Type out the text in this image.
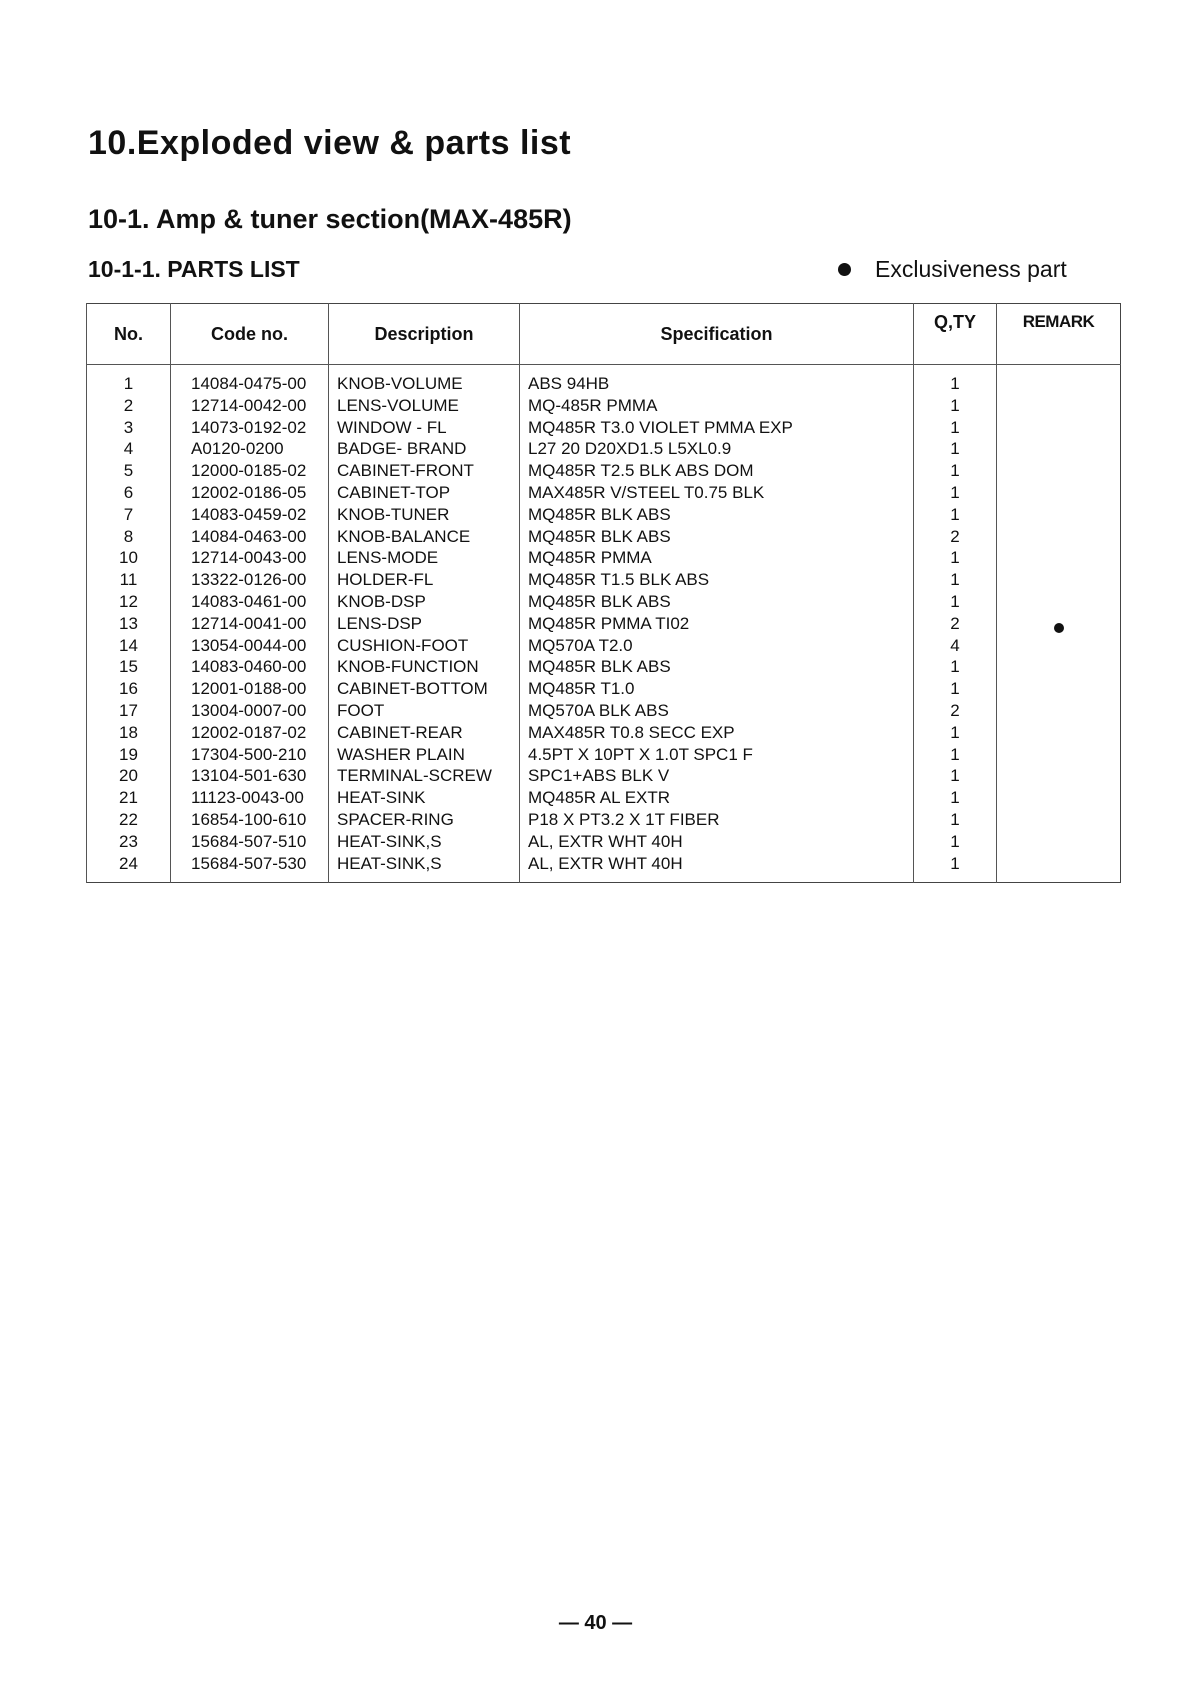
10.Exploded view & parts list
10-1. Amp & tuner section(MAX-485R)
10-1-1. PARTS LIST	Exclusiveness part
No.	Code no.	Description	Specification	Q,TY	REMARK
1	14084-0475-00	KNOB-VOLUME	ABS 94HB	1	
2	12714-0042-00	LENS-VOLUME	MQ-485R PMMA	1	
3	14073-0192-02	WINDOW - FL	MQ485R T3.0 VIOLET PMMA EXP	1	
4	A0120-0200	BADGE- BRAND	L27 20 D20XD1.5 L5XL0.9	1	
5	12000-0185-02	CABINET-FRONT	MQ485R T2.5 BLK ABS DOM	1	
6	12002-0186-05	CABINET-TOP	MAX485R V/STEEL T0.75 BLK	1	
7	14083-0459-02	KNOB-TUNER	MQ485R BLK ABS	1	
8	14084-0463-00	KNOB-BALANCE	MQ485R BLK ABS	2	
10	12714-0043-00	LENS-MODE	MQ485R PMMA	1	
11	13322-0126-00	HOLDER-FL	MQ485R T1.5 BLK ABS	1	
12	14083-0461-00	KNOB-DSP	MQ485R BLK ABS	1	
13	12714-0041-00	LENS-DSP	MQ485R PMMA TI02	2	
14	13054-0044-00	CUSHION-FOOT	MQ570A T2.0	4	
15	14083-0460-00	KNOB-FUNCTION	MQ485R BLK ABS	1	
16	12001-0188-00	CABINET-BOTTOM	MQ485R T1.0	1	
17	13004-0007-00	FOOT	MQ570A BLK ABS	2	
18	12002-0187-02	CABINET-REAR	MAX485R T0.8 SECC EXP	1	
19	17304-500-210	WASHER PLAIN	4.5PT X 10PT X 1.0T SPC1 F	1	
20	13104-501-630	TERMINAL-SCREW	SPC1+ABS BLK V	1	
21	11123-0043-00	HEAT-SINK	MQ485R AL EXTR	1	
22	16854-100-610	SPACER-RING	P18 X PT3.2 X 1T FIBER	1	
23	15684-507-510	HEAT-SINK,S	AL, EXTR WHT 40H	1	
24	15684-507-530	HEAT-SINK,S	AL, EXTR WHT 40H	1	
— 40 —
